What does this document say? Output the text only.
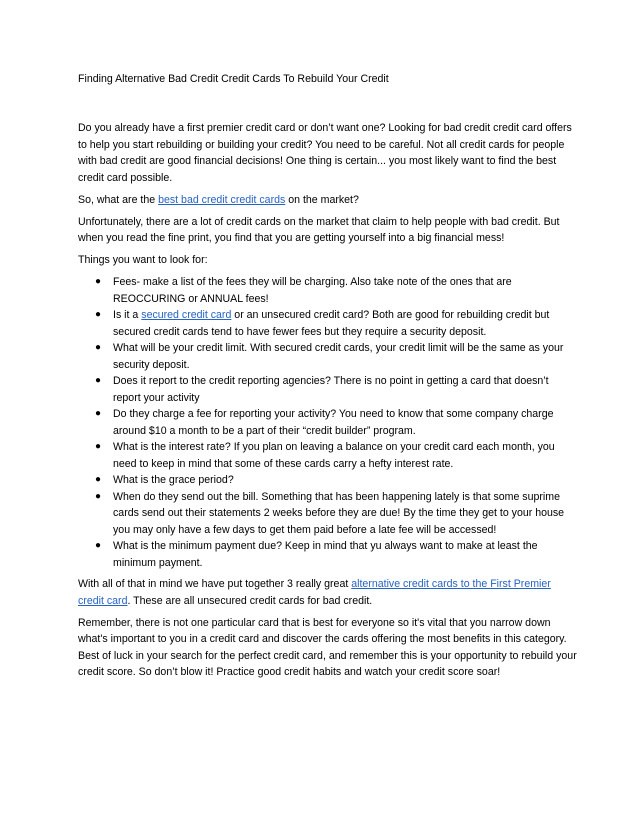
Finding Alternative Bad Credit Credit Cards To Rebuild Your Credit

Do you already have a first premier credit card or don’t want one? Looking for bad credit credit card offers to help you start rebuilding or building your credit? You need to be careful. Not all credit cards for people with bad credit are good financial decisions! One thing is certain... you most likely want to find the best credit card possible.

So, what are the best bad credit credit cards on the market?

Unfortunately, there are a lot of credit cards on the market that claim to help people with bad credit. But when you read the fine print, you find that you are getting yourself into a big financial mess!

Things you want to look for:

● Fees- make a list of the fees they will be charging. Also take note of the ones that are REOCCURING or ANNUAL fees!
● Is it a secured credit card or an unsecured credit card? Both are good for rebuilding credit but secured credit cards tend to have fewer fees but they require a security deposit.
● What will be your credit limit. With secured credit cards, your credit limit will be the same as your security deposit.
● Does it report to the credit reporting agencies? There is no point in getting a card that doesn’t report your activity
● Do they charge a fee for reporting your activity? You need to know that some company charge around $10 a month to be a part of their “credit builder” program.
● What is the interest rate? If you plan on leaving a balance on your credit card each month, you need to keep in mind that some of these cards carry a hefty interest rate.
● What is the grace period?
● When do they send out the bill. Something that has been happening lately is that some suprime cards send out their statements 2 weeks before they are due! By the time they get to your house you may only have a few days to get them paid before a late fee will be accessed!
● What is the minimum payment due? Keep in mind that yu always want to make at least the minimum payment.

With all of that in mind we have put together 3 really great alternative credit cards to the First Premier credit card. These are all unsecured credit cards for bad credit.

Remember, there is not one particular card that is best for everyone so it's vital that you narrow down what's important to you in a credit card and discover the cards offering the most benefits in this category. Best of luck in your search for the perfect credit card, and remember this is your opportunity to rebuild your credit score. So don’t blow it! Practice good credit habits and watch your credit score soar!
